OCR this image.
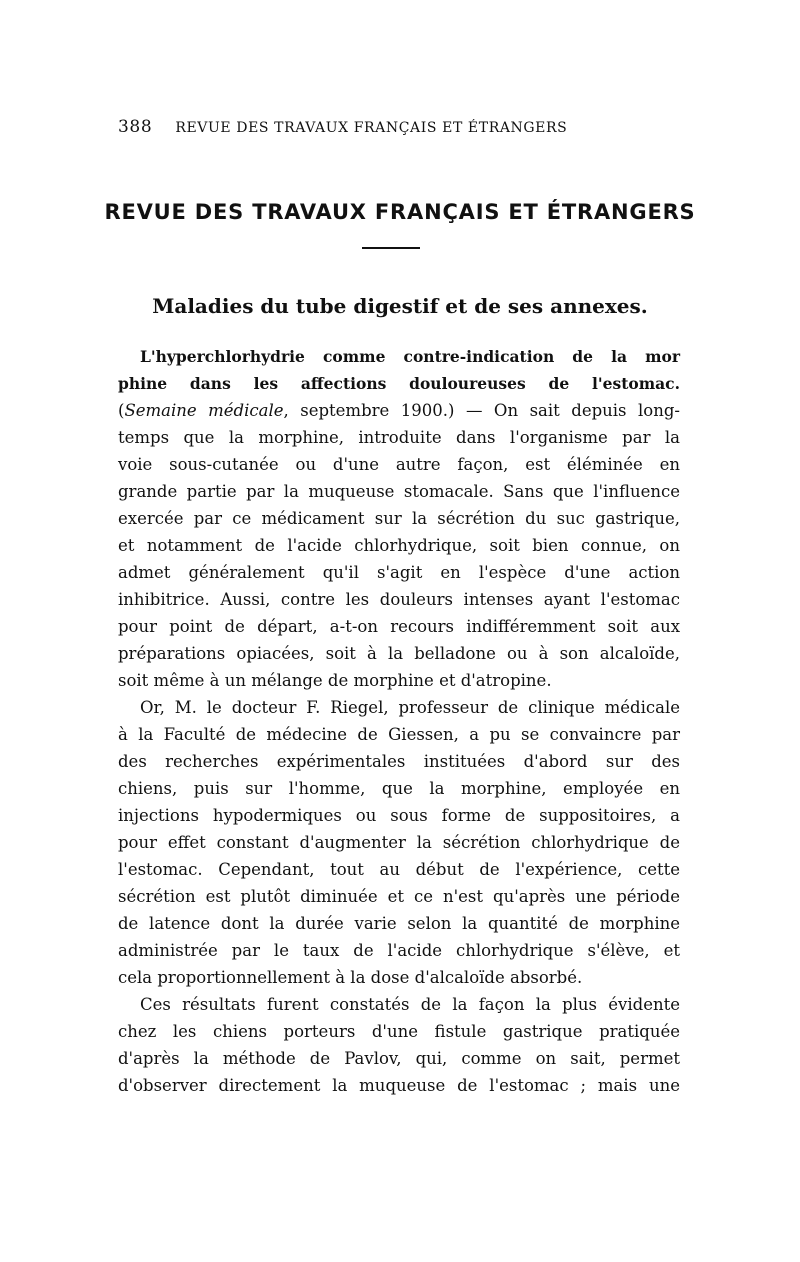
388 REVUE DES TRAVAUX FRANÇAIS ET ÉTRANGERS
REVUE DES TRAVAUX FRANÇAIS ET ÉTRANGERS
Maladies du tube digestif et de ses annexes.
L'hyperchlorhydrie comme contre-indication de la mor
phine dans les affections douloureuses de l'estomac.
(Semaine médicale, septembre 1900.) — On sait depuis long-
temps que la morphine, introduite dans l'organisme par la
voie sous-cutanée ou d'une autre façon, est éléminée en
grande partie par la muqueuse stomacale. Sans que l'influence
exercée par ce médicament sur la sécrétion du suc gastrique,
et notamment de l'acide chlorhydrique, soit bien connue, on
admet généralement qu'il s'agit en l'espèce d'une action
inhibitrice. Aussi, contre les douleurs intenses ayant l'estomac
pour point de départ, a-t-on recours indifféremment soit aux
préparations opiacées, soit à la belladone ou à son alcaloïde,
soit même à un mélange de morphine et d'atropine.
Or, M. le docteur F. Riegel, professeur de clinique médicale
à la Faculté de médecine de Giessen, a pu se convaincre par
des recherches expérimentales instituées d'abord sur des
chiens, puis sur l'homme, que la morphine, employée en
injections hypodermiques ou sous forme de suppositoires, a
pour effet constant d'augmenter la sécrétion chlorhydrique de
l'estomac. Cependant, tout au début de l'expérience, cette
sécrétion est plutôt diminuée et ce n'est qu'après une période
de latence dont la durée varie selon la quantité de morphine
administrée par le taux de l'acide chlorhydrique s'élève, et
cela proportionnellement à la dose d'alcaloïde absorbé.
Ces résultats furent constatés de la façon la plus évidente
chez les chiens porteurs d'une fistule gastrique pratiquée
d'après la méthode de Pavlov, qui, comme on sait, permet
d'observer directement la muqueuse de l'estomac ; mais une
